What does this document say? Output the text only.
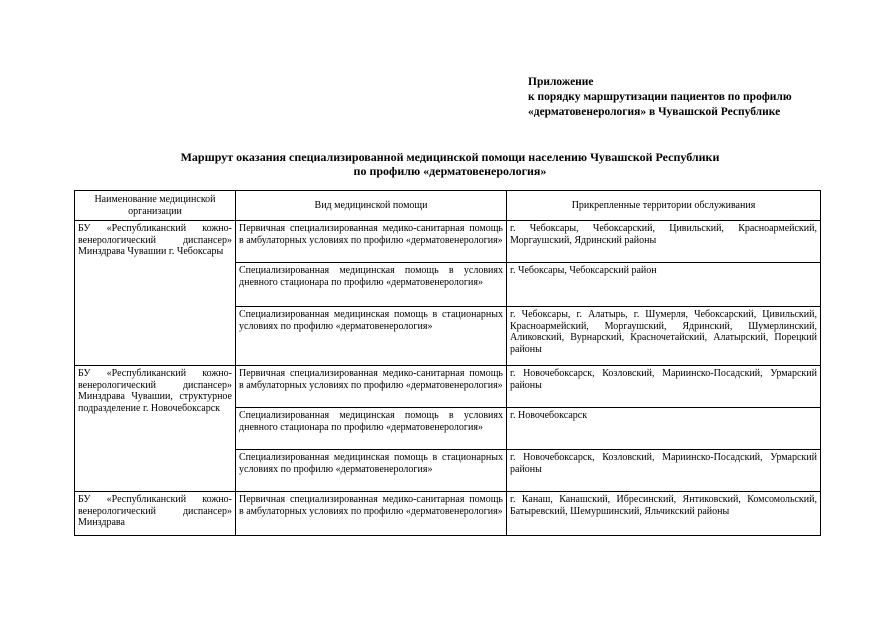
Приложение
к порядку маршрутизации пациентов по профилю
«дерматовенерология» в Чувашской Республике
Маршрут оказания специализированной медицинской помощи населению Чувашской Республики
по профилю «дерматовенерология»
Наименование медицинской организации	Вид медицинской помощи	Прикрепленные территории обслуживания
БУ «Республиканский кожно-венерологический диспансер» Минздрава Чувашии г. Чебоксары	Первичная специализированная медико-санитарная помощь в амбулаторных условиях по профилю «дерматовенерология»	г. Чебоксары, Чебоксарский, Цивильский, Красноармейский, Моргаушский, Ядринский районы
	Специализированная медицинская помощь в условиях дневного стационара по профилю «дерматовенерология»	г. Чебоксары, Чебоксарский район
	Специализированная медицинская помощь в стационарных условиях по профилю «дерматовенерология»	г. Чебоксары, г. Алатырь, г. Шумерля, Чебоксарский, Цивильский, Красноармейский, Моргаушский, Ядринский, Шумерлинский, Аликовский, Вурнарский, Красночетайский, Алатырский, Порецкий районы
БУ «Республиканский кожно-венерологический диспансер» Минздрава Чувашии, структурное подразделение г. Новочебоксарск	Первичная специализированная медико-санитарная помощь в амбулаторных условиях по профилю «дерматовенерология»	г. Новочебоксарск, Козловский, Мариинско-Посадский, Урмарский районы
	Специализированная медицинская помощь в условиях дневного стационара по профилю «дерматовенерология»	г. Новочебоксарск
	Специализированная медицинская помощь в стационарных условиях по профилю «дерматовенерология»	г. Новочебоксарск, Козловский, Мариинско-Посадский, Урмарский районы
БУ «Республиканский кожно-венерологический диспансер» Минздрава	Первичная специализированная медико-санитарная помощь в амбулаторных условиях по профилю «дерматовенерология»	г. Канаш, Канашский, Ибресинский, Янтиковский, Комсомольский, Батыревский, Шемуршинский, Яльчикский районы
